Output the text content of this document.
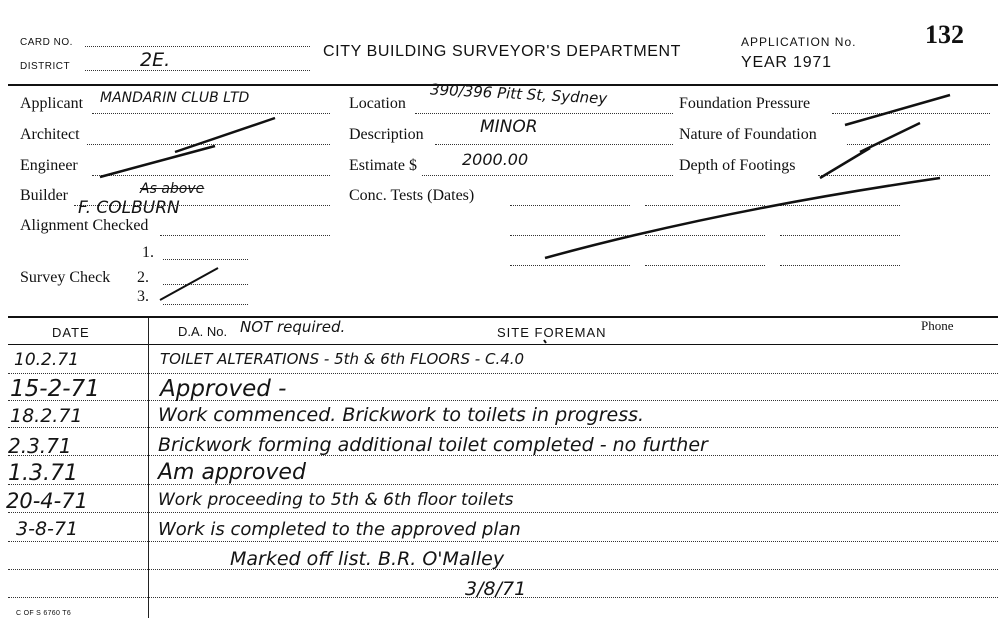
CARD NO.
DISTRICT	2E.	CITY BUILDING SURVEYOR'S DEPARTMENT
APPLICATION No.	132
YEAR 1971
Applicant MANDARIN CLUB LTD
Architect
Engineer
Builder	As above
F. COLBURN
Alignment Checked
Survey Check
1.
2.
3.
Location 390/396 Pitt St, Sydney
Description	MINOR
Estimate $	2000.00
Conc. Tests (Dates)
Foundation Pressure
Nature of Foundation
Depth of Footings
DATE	D.A. No. NOT required.	SITE FOREMAN	Phone
10.2.71	TOILET ALTERATIONS - 5th & 6th FLOORS - C.4.0
15-2-71	Approved -
18.2.71	Work commenced. Brickwork to toilets in progress.
2.3.71	Brickwork forming additional toilet completed - no further
1.3.71	Am approved
20-4-71	Work proceeding to 5th & 6th floor toilets
3-8-71	Work is completed to the approved plan
Marked off list. B.R. O'Malley
3/8/71
C OF S 6760 T6
